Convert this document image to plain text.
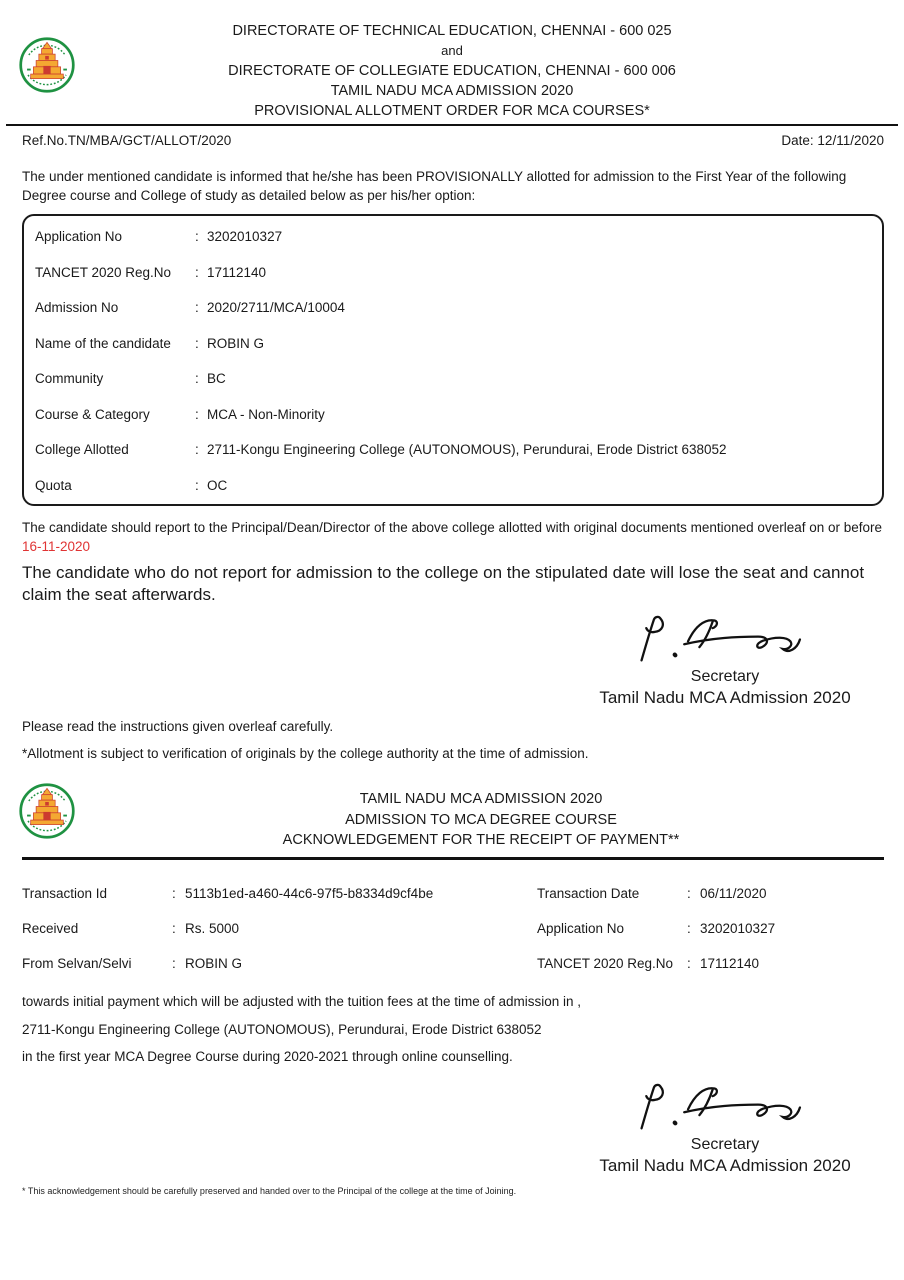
DIRECTORATE OF TECHNICAL EDUCATION, CHENNAI - 600 025
and
DIRECTORATE OF COLLEGIATE EDUCATION, CHENNAI - 600 006
TAMIL NADU MCA ADMISSION 2020
PROVISIONAL ALLOTMENT ORDER FOR MCA COURSES*
Ref.No.TN/MBA/GCT/ALLOT/2020	Date: 12/11/2020
The under mentioned candidate is informed that he/she has been PROVISIONALLY allotted for admission to the First Year of the following Degree course and College of study as detailed below as per his/her option:
Application No	: 3202010327
TANCET 2020 Reg.No	: 17112140
Admission No	: 2020/2711/MCA/10004
Name of the candidate	: ROBIN G
Community	: BC
Course & Category	: MCA - Non-Minority
College Allotted	: 2711-Kongu Engineering College (AUTONOMOUS), Perundurai, Erode District 638052
Quota	: OC
The candidate should report to the Principal/Dean/Director of the above college allotted with original documents mentioned overleaf on or before
16-11-2020
The candidate who do not report for admission to the college on the stipulated date will lose the seat and cannot claim the seat afterwards.
Secretary
Tamil Nadu MCA Admission 2020
Please read the instructions given overleaf carefully.
*Allotment is subject to verification of originals by the college authority at the time of admission.
TAMIL NADU MCA ADMISSION 2020
ADMISSION TO MCA DEGREE COURSE
ACKNOWLEDGEMENT FOR THE RECEIPT OF PAYMENT**
Transaction Id	: 5113b1ed-a460-44c6-97f5-b8334d9cf4be	Transaction Date	: 06/11/2020
Received	: Rs. 5000	Application No	: 3202010327
From Selvan/Selvi	: ROBIN G	TANCET 2020 Reg.No	: 17112140

towards initial payment which will be adjusted with the tuition fees at the time of admission in ,

2711-Kongu Engineering College (AUTONOMOUS), Perundurai, Erode District 638052

in the first year MCA Degree Course during 2020-2021 through online counselling.

Secretary
Tamil Nadu MCA Admission 2020
* This acknowledgement should be carefully preserved and handed over to the Principal of the college at the time of Joining.
